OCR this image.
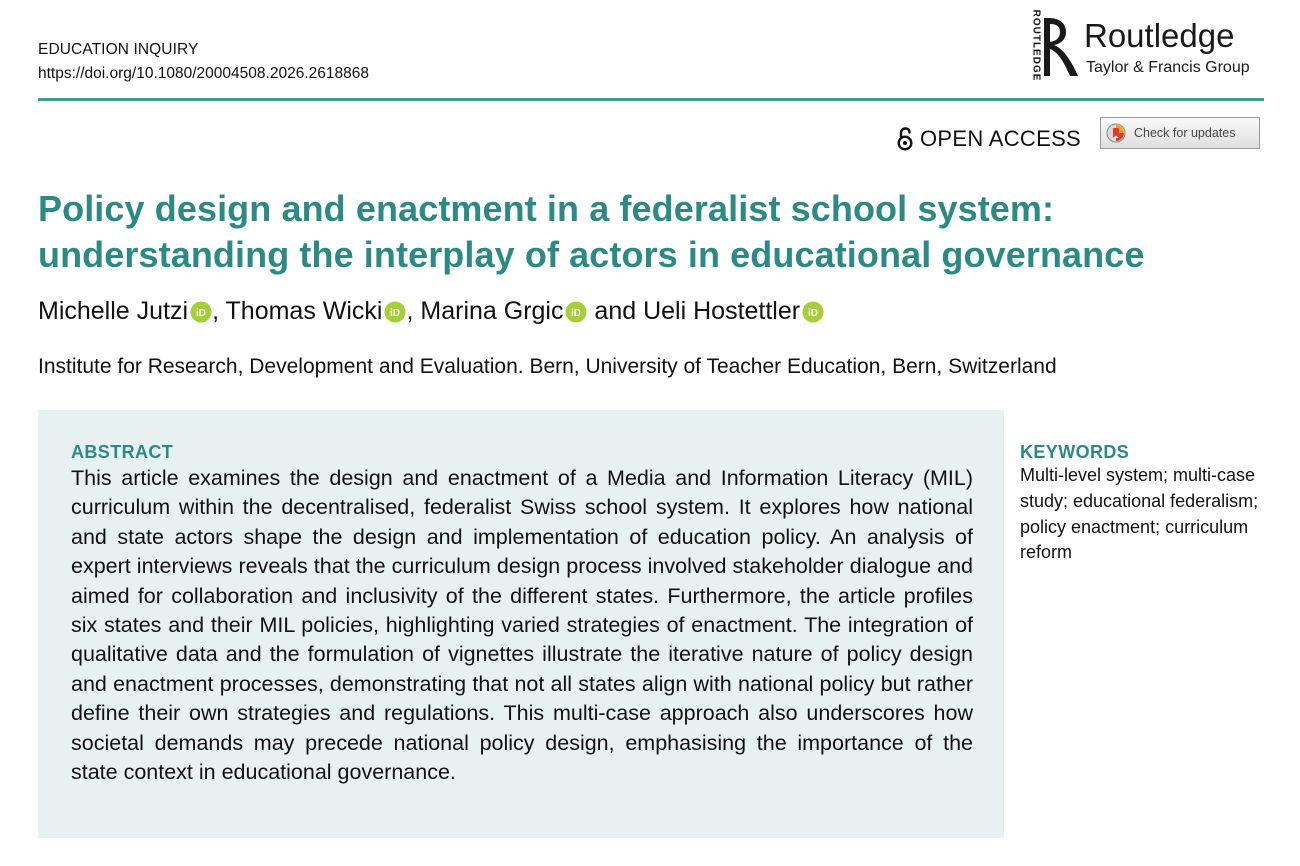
EDUCATION INQUIRY
https://doi.org/10.1080/20004508.2026.2618868	ROUTLEDGE Routledge
Taylor & Francis Group
OPEN ACCESS	Check for updates
Policy design and enactment in a federalist school system: understanding the interplay of actors in educational governance
Michelle Jutzi iD , Thomas Wicki iD , Marina Grgic iD and Ueli Hostettler iD
Institute for Research, Development and Evaluation. Bern, University of Teacher Education, Bern, Switzerland
ABSTRACT

This article examines the design and enactment of a Media and Information Literacy (MIL) curriculum within the decentralised, federalist Swiss school system. It explores how national and state actors shape the design and implementation of education policy. An analysis of expert interviews reveals that the curriculum design process involved stakeholder dialogue and aimed for collaboration and inclusivity of the different states. Furthermore, the article profiles six states and their MIL policies, highlighting varied strategies of enactment. The integration of qualitative data and the formulation of vignettes illustrate the iterative nature of policy design and enactment processes, demonstrating that not all states align with national policy but rather define their own strategies and regulations. This multi-case approach also underscores how societal demands may precede national policy design, emphasising the importance of the state context in educational governance.

KEYWORDS

Multi-level system; multi-case study; educational federalism; policy enactment; curriculum reform
